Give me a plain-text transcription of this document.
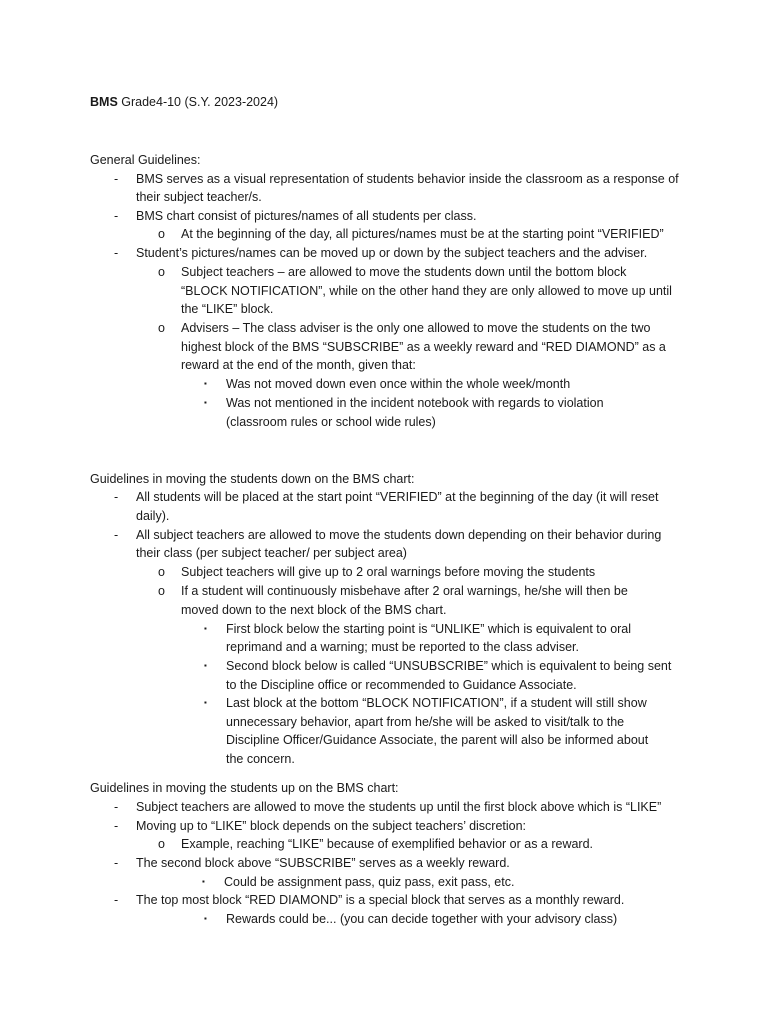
BMS Grade4-10 (S.Y. 2023-2024)
General Guidelines:
- BMS serves as a visual representation of students behavior inside the classroom as a response of
their subject teacher/s.
- BMS chart consist of pictures/names of all students per class.
o At the beginning of the day, all pictures/names must be at the starting point “VERIFIED”
- Student’s pictures/names can be moved up or down by the subject teachers and the adviser.
o Subject teachers – are allowed to move the students down until the bottom block
“BLOCK NOTIFICATION”, while on the other hand they are only allowed to move up until
the “LIKE” block.
o Advisers – The class adviser is the only one allowed to move the students on the two
highest block of the BMS “SUBSCRIBE” as a weekly reward and “RED DIAMOND” as a
reward at the end of the month, given that:
▪ Was not moved down even once within the whole week/month
▪ Was not mentioned in the incident notebook with regards to violation
(classroom rules or school wide rules)
Guidelines in moving the students down on the BMS chart:
- All students will be placed at the start point “VERIFIED” at the beginning of the day (it will reset
daily).
- All subject teachers are allowed to move the students down depending on their behavior during
their class (per subject teacher/ per subject area)
o Subject teachers will give up to 2 oral warnings before moving the students
o If a student will continuously misbehave after 2 oral warnings, he/she will then be
moved down to the next block of the BMS chart.
▪ First block below the starting point is “UNLIKE” which is equivalent to oral
reprimand and a warning; must be reported to the class adviser.
▪ Second block below is called “UNSUBSCRIBE” which is equivalent to being sent
to the Discipline office or recommended to Guidance Associate.
▪ Last block at the bottom “BLOCK NOTIFICATION”, if a student will still show
unnecessary behavior, apart from he/she will be asked to visit/talk to the
Discipline Officer/Guidance Associate, the parent will also be informed about
the concern.
Guidelines in moving the students up on the BMS chart:
- Subject teachers are allowed to move the students up until the first block above which is “LIKE”
- Moving up to “LIKE” block depends on the subject teachers’ discretion:
o Example, reaching “LIKE” because of exemplified behavior or as a reward.
- The second block above “SUBSCRIBE” serves as a weekly reward.
▪ Could be assignment pass, quiz pass, exit pass, etc.
- The top most block “RED DIAMOND” is a special block that serves as a monthly reward.
▪ Rewards could be... (you can decide together with your advisory class)
